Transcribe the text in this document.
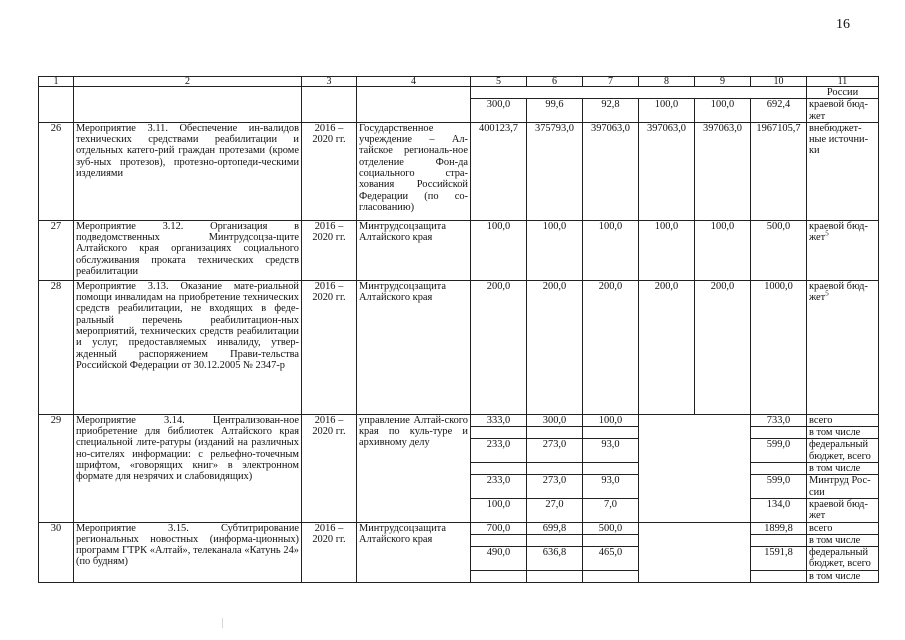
16
1	2	3	4	5	6	7	8	9	10	11
										России
				300,0	99,6	92,8	100,0	100,0	692,4	краевой бюд-жет
26	Мероприятие 3.11. Обеспечение ин-валидов технических средствами реабилитации и отдельных катего-рий граждан протезами (кроме зуб-ных протезов), протезно-ортопеди-ческими изделиями	2016 – 2020 гг.	Государственное учреждение – Ал-тайское региональ-ное отделение Фон-да социального стра-хования Российской Федерации (по со-гласованию)	400123,7	375793,0	397063,0	397063,0	397063,0	1967105,7	внебюджет-ные источни-ки
27	Мероприятие 3.12. Организация в подведомственных Минтрудсоцза-щите Алтайского края организациях социального обслуживания проката технических средств реабилитации	2016 – 2020 гг.	Минтрудсоцзащита Алтайского края	100,0	100,0	100,0	100,0	100,0	500,0	краевой бюд-жет$^5$
28	Мероприятие 3.13. Оказание мате-риальной помощи инвалидам на приобретение технических средств реабилитации, не входящих в феде-ральный перечень реабилитацион-ных мероприятий, технических средств реабилитации и услуг, предоставляемых инвалиду, утвер-жденный распоряжением Прави-тельства Российской Федерации от 30.12.2005 № 2347-р	2016 – 2020 гг.	Минтрудсоцзащита Алтайского края	200,0	200,0	200,0	200,0	200,0	1000,0	краевой бюд-жет$^5$
29	Мероприятие 3.14. Централизован-ное приобретение для библиотек Алтайского края специальной лите-ратуры (изданий на различных но-сителях информации: с рельефно-точечным шрифтом, «говорящих книг» в электронном формате для незрячих и слабовидящих)	2016 – 2020 гг.	управление Алтай-ского края по куль-туре и архивному делу	333,0	300,0	100,0			733,0	всего
										в том числе
				233,0	273,0	93,0			599,0	федеральный бюджет, всего
										в том числе
				233,0	273,0	93,0			599,0	Минтруд Рос-сии
				100,0	27,0	7,0			134,0	краевой бюд-жет
30	Мероприятие 3.15. Субтитрирование региональных новостных (информа-ционных) программ ГТРК «Алтай», телеканала «Катунь 24» (по будням)	2016 – 2020 гг.	Минтрудсоцзащита Алтайского края	700,0	699,8	500,0			1899,8	всего
										в том числе
				490,0	636,8	465,0			1591,8	федеральный бюджет, всего
										в том числе
